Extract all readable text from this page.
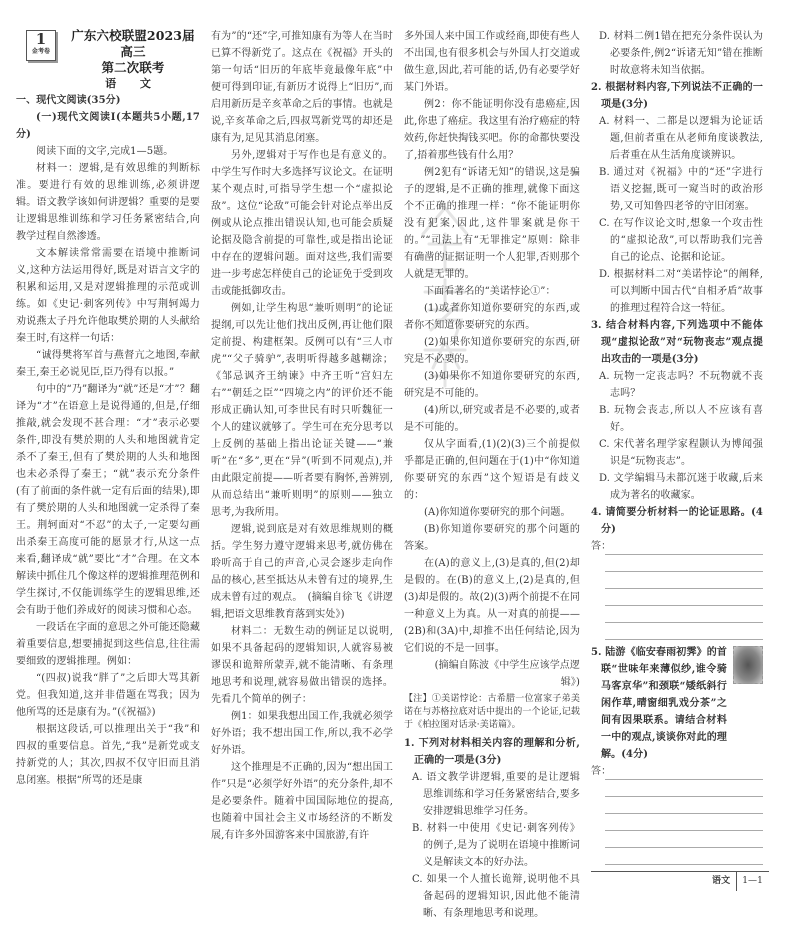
1
金考卷
广东六校联盟2023届高三
第二次联考
语 文
一、现代文阅读(35分)

(一)现代文阅读Ⅰ(本题共5小题,17分)

阅读下面的文字,完成1—5题。

材料一：逻辑,是有效思维的判断标准。要进行有效的思维训练,必须讲逻辑。语文教学该如何讲逻辑？重要的是要让逻辑思维训练和学习任务紧密结合,向教学过程自然渗透。

文本解读常常需要在语境中推断词义,这种方法运用得好,既是对语言文字的积累和运用,又是对逻辑推理的示范或训练。如《史记·刺客列传》中写荆轲竭力劝说燕太子丹允许他取樊於期的人头献给秦王时,有这样一句话：

“诚得樊将军首与燕督亢之地图,奉献秦王,秦王必说见臣,臣乃得有以报。”

句中的“乃”翻译为“就”还是“才”？翻译为“才”在语意上是说得通的,但是,仔细推敲,就会发现不甚合理：“才”表示必要条件,即没有樊於期的人头和地图就肯定杀不了秦王,但有了樊於期的人头和地图也未必杀得了秦王；“就”表示充分条件(有了前面的条件就一定有后面的结果),即有了樊於期的人头和地图就一定杀得了秦王。荆轲面对“不忍”的太子,一定要勾画出杀秦王高度可能的愿景才行,从这一点来看,翻译成“就”要比“才”合理。在文本解读中抓住几个像这样的逻辑推理范例和学生探讨,不仅能训练学生的逻辑思维,还会有助于他们养成好的阅读习惯和心态。

一段话在字面的意思之外可能还隐藏着重要信息,想要捕捉到这些信息,往往需要细致的逻辑推理。例如：

“(四叔)说我“胖了”之后即大骂其新党。但我知道,这并非借题在骂我；因为他所骂的还是康有为。”(《祝福》)

根据这段话,可以推理出关于“我”和四叔的重要信息。首先,“我”是新党或支持新党的人；其次,四叔不仅守旧而且消息闭塞。根据“所骂的还是康

有为”的“还”字,可推知康有为等人在当时已算不得新党了。这点在《祝福》开头的第一句话“旧历的年底毕竟最像年底”中便可得到印证,有新历才说得上“旧历”,而启用新历是辛亥革命之后的事情。也就是说,辛亥革命之后,四叔骂新党骂的却还是康有为,足见其消息闭塞。

另外,逻辑对于写作也是有意义的。中学生写作时大多选择写议论文。在证明某个观点时,可指导学生想一个“虚拟论敌”。这位“论敌”可能会针对论点举出反例或从论点推出错误认知,也可能会质疑论据及隐含前提的可靠性,或是指出论证中存在的逻辑问题。面对这些,我们需要进一步考虑怎样使自己的论证免于受到攻击或能抵御攻击。

例如,让学生构思“兼听则明”的论证提纲,可以先让他们找出反例,再让他们限定前提、构建框架。反例可以有“三人市虎”“父子骑驴”,表明听得越多越糊涂；《邹忌讽齐王纳谏》中齐王听“宫妇左右”“朝廷之臣”“四境之内”的评价还不能形成正确认知,可李世民有时只听魏征一个人的建议就够了。学生可在充分思考以上反例的基础上指出论证关键——“兼听”在“多”,更在“异”(听到不同观点),并由此限定前提——听者要有胸怀,善辨别,从而总结出“兼听则明”的原则——独立思考,为我所用。

逻辑,说到底是对有效思维规则的概括。学生努力遵守逻辑来思考,就仿佛在聆听高于自己的声音,心灵会逐步走向作品的核心,甚至抵达从未曾有过的境界,生成未曾有过的观点。　(摘编自徐飞《讲逻辑,把语文思维教育落到实处》)

材料二：无数生动的例证足以说明,如果不具备起码的逻辑知识,人就容易被谬误和诡辩所蒙弄,就不能清晰、有条理地思考和说理,就容易做出错误的选择。先看几个简单的例子：

例1：如果我想出国工作,我就必须学好外语；我不想出国工作,所以,我不必学好外语。

这个推理是不正确的,因为“想出国工作”只是“必须学好外语”的充分条件,却不是必要条件。随着中国国际地位的提高,也随着中国社会主义市场经济的不断发展,有许多外国游客来中国旅游,有许

多外国人来中国工作或经商,即使有些人不出国,也有很多机会与外国人打交道或做生意,因此,若可能的话,仍有必要学好某门外语。

例2：你不能证明你没有患癌症,因此,你患了癌症。我这里有治疗癌症的特效药,你赶快掏钱买吧。你的命都快要没了,捂着那些钱有什么用？

例2犯有“诉诸无知”的错误,这是骗子的逻辑,是不正确的推理,就像下面这个不正确的推理一样：“你不能证明你没有犯案,因此,这件罪案就是你干的。”“司法上有“无罪推定”原则：除非有确凿的证据证明一个人犯罪,否则那个人就是无罪的。

下面看著名的“美诺悖论①”：

(1)或者你知道你要研究的东西,或者你不知道你要研究的东西。

(2)如果你知道你要研究的东西,研究是不必要的。

(3)如果你不知道你要研究的东西,研究是不可能的。

(4)所以,研究或者是不必要的,或者是不可能的。

仅从字面看,(1)(2)(3)三个前提似乎都是正确的,但问题在于(1)中“你知道你要研究的东西”这个短语是有歧义的：

(A)你知道你要研究的那个问题。

(B)你知道你要研究的那个问题的答案。

在(A)的意义上,(3)是真的,但(2)却是假的。在(B)的意义上,(2)是真的,但(3)却是假的。故(2)(3)两个前提不在同一种意义上为真。从一对真的前提——(2B)和(3A)中,却推不出任何结论,因为它们说的不是一回事。

(摘编自陈波《中学生应该学点逻辑》)

【注】①美诺悖论：古希腊一位富家子弟美诺在与苏格拉底对话中提出的一个论证,记载于《柏拉图对话录·美诺篇》。

1. 下列对材料相关内容的理解和分析,正确的一项是(3分)

A. 语文教学讲逻辑,重要的是让逻辑思维训练和学习任务紧密结合,要多安排逻辑思维学习任务。

B. 材料一中使用《史记·刺客列传》的例子,是为了说明在语境中推断词义是解读文本的好办法。

C. 如果一个人擅长诡辩,说明他不具备起码的逻辑知识,因此他不能清晰、有条理地思考和说理。

D. 材料二例1错在把充分条件误认为必要条件,例2“诉诸无知”错在推断时故意将未知当依据。

2. 根据材料内容,下列说法不正确的一项是(3分)

A. 材料一、二都是以逻辑为论证话题,但前者重在从老师角度谈教法,后者重在从生活角度谈辨识。

B. 通过对《祝福》中的“还”字进行语义挖掘,既可一窥当时的政治形势,又可知鲁四老爷的守旧闭塞。

C. 在写作议论文时,想象一个攻击性的“虚拟论敌”,可以帮助我们完善自己的论点、论据和论证。

D. 根据材料二对“美诺悖论”的阐释,可以判断中国古代“自相矛盾”故事的推理过程符合这一特征。

3. 结合材料内容,下列选项中不能体现“虚拟论敌”对“玩物丧志”观点提出攻击的一项是(3分)

A. 玩物一定丧志吗？不玩物就不丧志吗？

B. 玩物会丧志,所以人不应该有喜好。

C. 宋代著名理学家程颢认为博闻强识是“玩物丧志”。

D. 文学编辑马未都沉迷于收藏,后来成为著名的收藏家。

4. 请简要分析材料一的论证思路。(4分)

答：

5. 陆游《临安春雨初霁》的首联“世味年来薄似纱,谁令骑马客京华”和颈联“矮纸斜行闲作草,晴窗细乳戏分茶”之间有因果联系。请结合材料一中的观点,谈谈你对此的理解。(4分)

答：
语文	1—1
